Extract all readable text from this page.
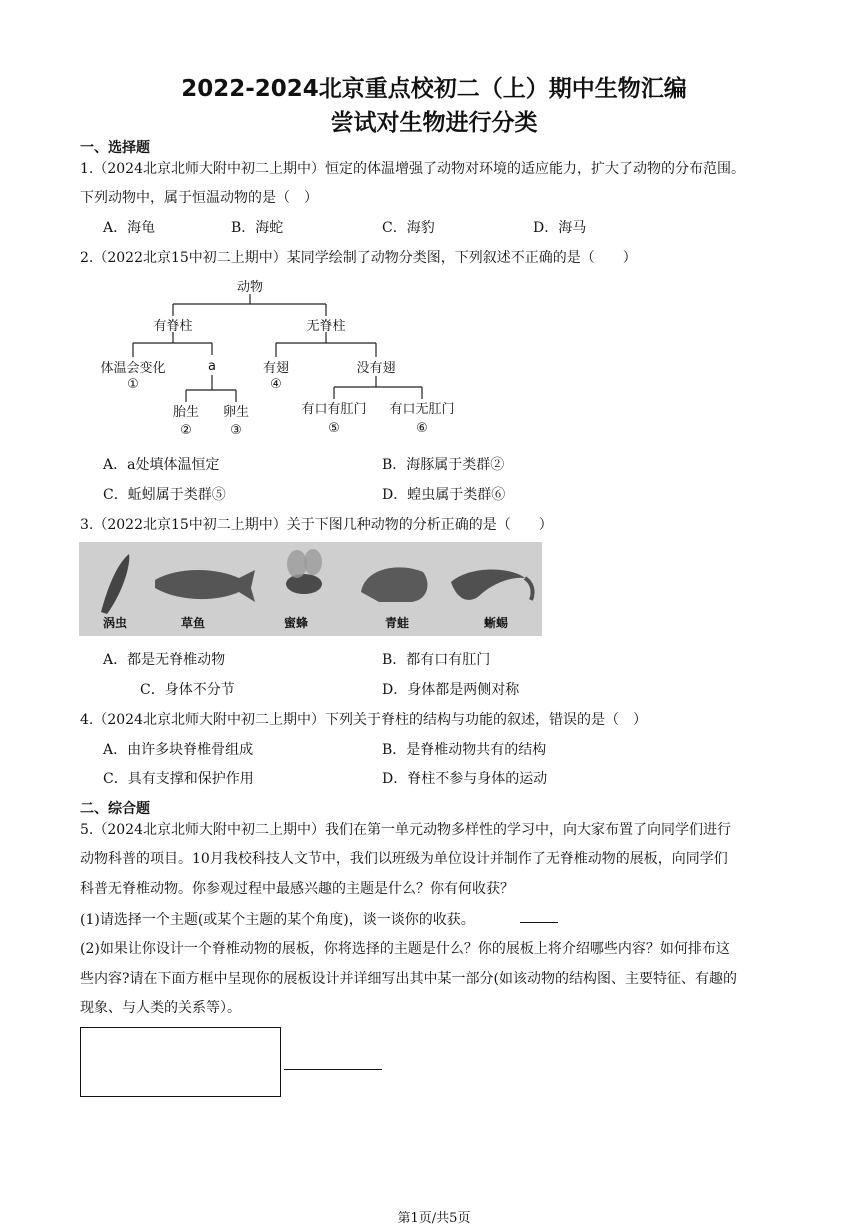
2022-2024北京重点校初二（上）期中生物汇编
尝试对生物进行分类
一、选择题
1.（2024北京北师大附中初二上期中）恒定的体温增强了动物对环境的适应能力，扩大了动物的分布范围。
下列动物中，属于恒温动物的是（　）
A．海龟	B．海蛇	C．海豹	D．海马
2.（2022北京15中初二上期中）某同学绘制了动物分类图，下列叙述不正确的是（　　）
动物
有脊柱	无脊柱
体温会变化
①
a
胎生
②
卵生
③
有翅
④
没有翅
有口有肛门
⑤
有口无肛门
⑥
A．a处填体温恒定	B．海豚属于类群②
C．蚯蚓属于类群⑤	D．蝗虫属于类群⑥
3.（2022北京15中初二上期中）关于下图几种动物的分析正确的是（　　）
涡虫	草鱼	蜜蜂	青蛙	蜥蜴
A．都是无脊椎动物	B．都有口有肛门
C．身体不分节	D．身体都是两侧对称
4.（2024北京北师大附中初二上期中）下列关于脊柱的结构与功能的叙述，错误的是（　）
A．由许多块脊椎骨组成	B．是脊椎动物共有的结构
C．具有支撑和保护作用	D．脊柱不参与身体的运动
二、综合题
5.（2024北京北师大附中初二上期中）我们在第一单元动物多样性的学习中，向大家布置了向同学们进行
动物科普的项目。10月我校科技人文节中，我们以班级为单位设计并制作了无脊椎动物的展板，向同学们
科普无脊椎动物。你参观过程中最感兴趣的主题是什么？你有何收获？
(1)请选择一个主题(或某个主题的某个角度)，谈一谈你的收获。
(2)如果让你设计一个脊椎动物的展板，你将选择的主题是什么？你的展板上将介绍哪些内容？如何排布这
些内容?请在下面方框中呈现你的展板设计并详细写出其中某一部分(如该动物的结构图、主要特征、有趣的
现象、与人类的关系等）。
第1页/共5页
